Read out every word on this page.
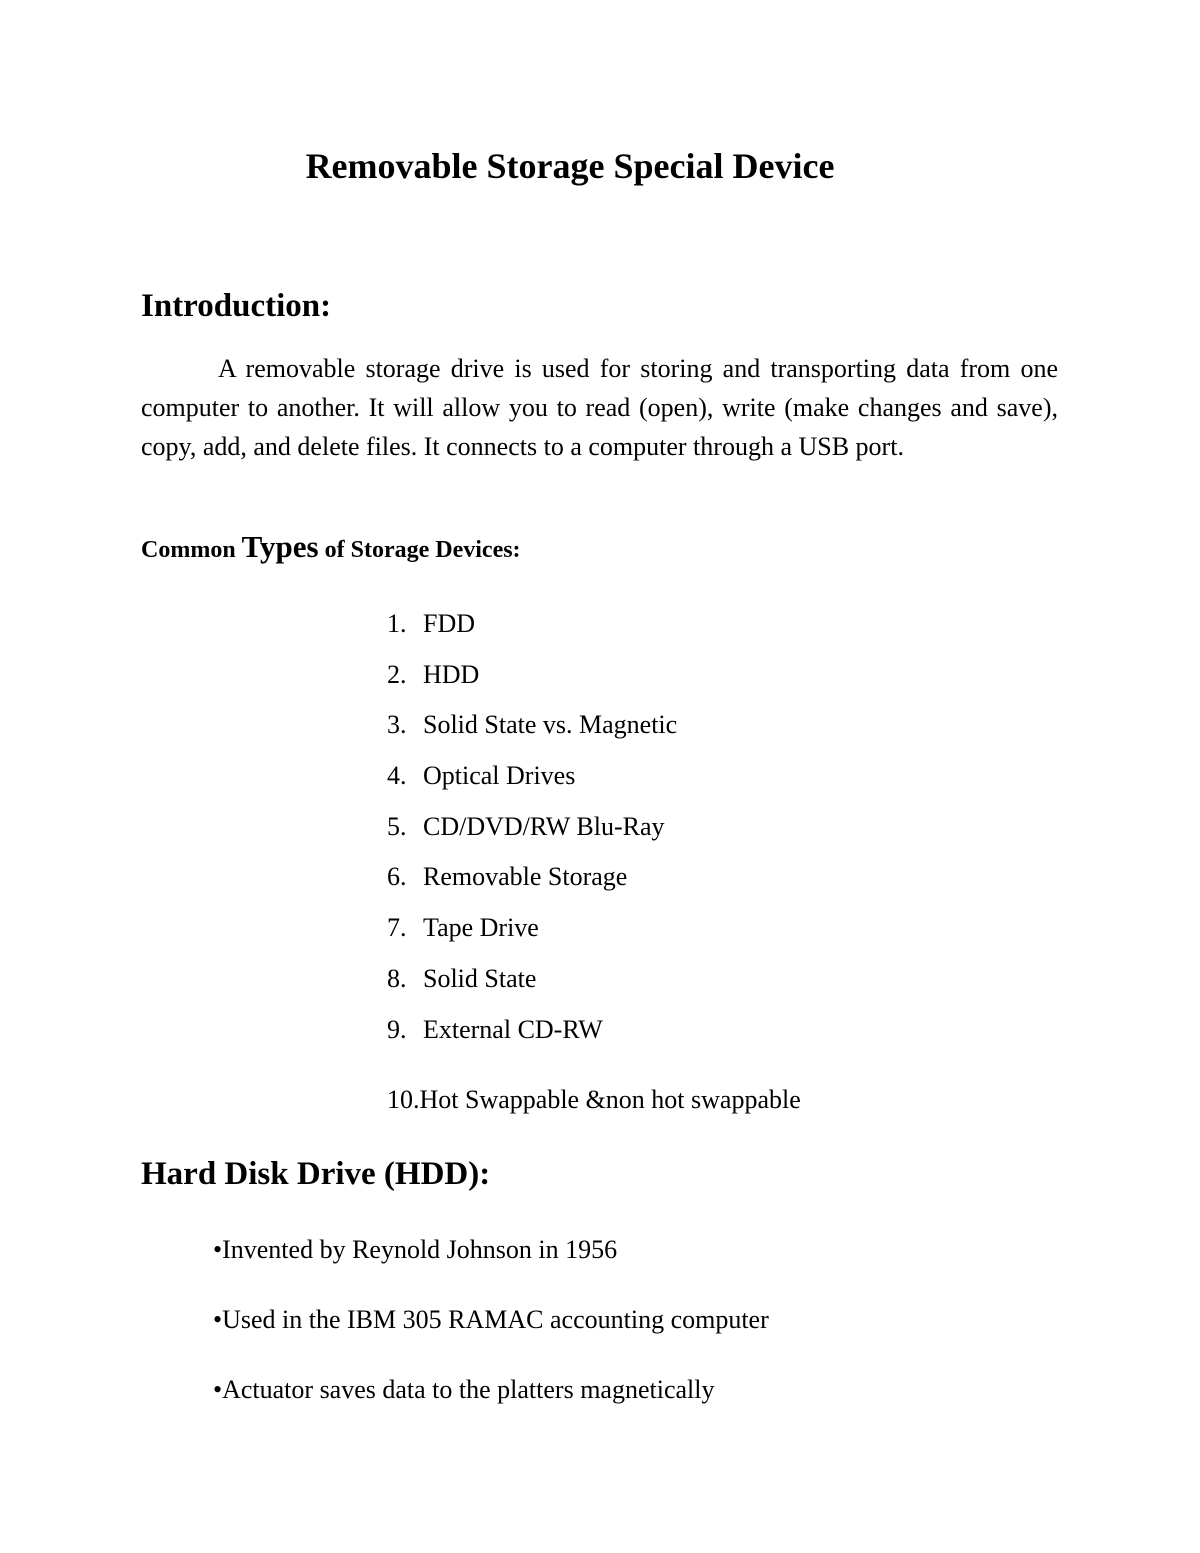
Removable Storage Special Device
Introduction:

A removable storage drive is used for storing and transporting data from one computer to another. It will allow you to read (open), write (make changes and save), copy, add, and delete files. It connects to a computer through a USB port.

Common Types of Storage Devices:
1. FDD
2. HDD
3. Solid State vs. Magnetic
4. Optical Drives
5. CD/DVD/RW Blu-Ray
6. Removable Storage
7. Tape Drive
8. Solid State
9. External CD-RW

10.Hot Swappable &non hot swappable

Hard Disk Drive (HDD):
•Invented by Reynold Johnson in 1956
•Used in the IBM 305 RAMAC accounting computer
•Actuator saves data to the platters magnetically
